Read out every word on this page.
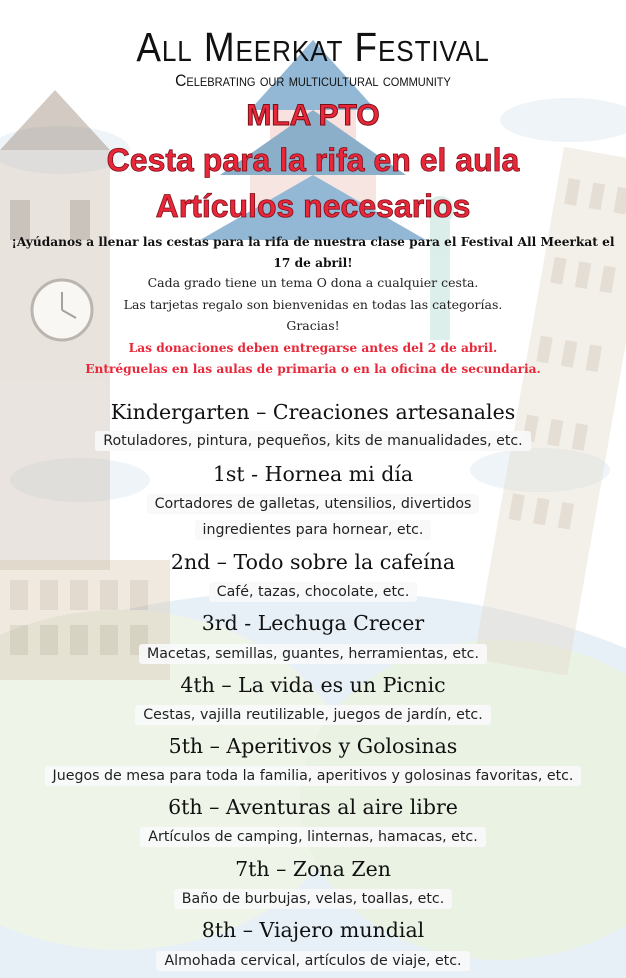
All Meerkat Festival
Celebrating our multicultural community
MLA PTO
Cesta para la rifa en el aula
Artículos necesarios
¡Ayúdanos a llenar las cestas para la rifa de nuestra clase para el Festival All Meerkat el 17 de abril!
Cada grado tiene un tema O dona a cualquier cesta.
Las tarjetas regalo son bienvenidas en todas las categorías.
Gracias!
Las donaciones deben entregarse antes del 2 de abril.
Entréguelas en las aulas de primaria o en la oficina de secundaria.
Kindergarten – Creaciones artesanales
Rotuladores, pintura, pequeños, kits de manualidades, etc.
1st - Hornea mi día
Cortadores de galletas, utensilios, divertidos
ingredientes para hornear, etc.
2nd – Todo sobre la cafeína
Café, tazas, chocolate, etc.
3rd - Lechuga Crecer
Macetas, semillas, guantes, herramientas, etc.
4th – La vida es un Picnic
Cestas, vajilla reutilizable, juegos de jardín, etc.
5th – Aperitivos y Golosinas
Juegos de mesa para toda la familia, aperitivos y golosinas favoritas, etc.
6th – Aventuras al aire libre
Artículos de camping, linternas, hamacas, etc.
7th – Zona Zen
Baño de burbujas, velas, toallas, etc.
8th – Viajero mundial
Almohada cervical, artículos de viaje, etc.
